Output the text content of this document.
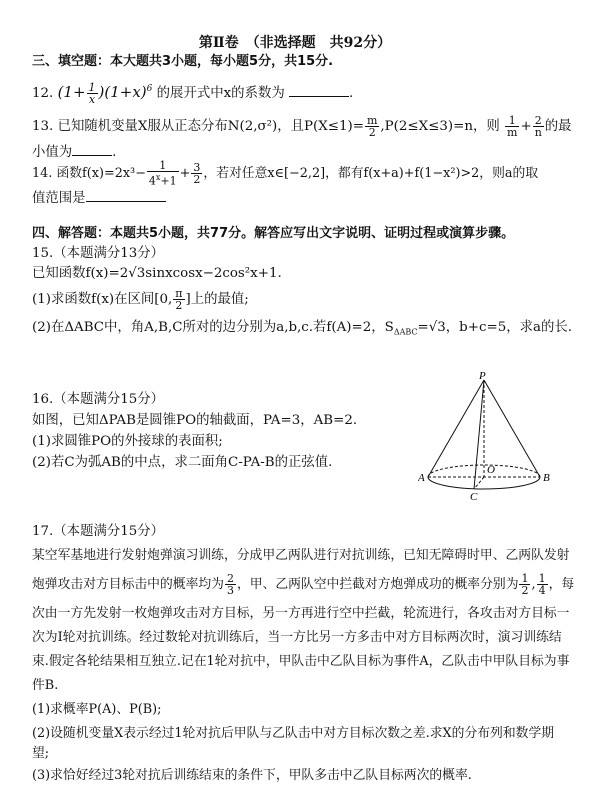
第Ⅱ卷　（非选择题　共92分）
三、填空题：本大题共3小题，每小题5分，共15分.
12. $(1+ \frac{1}{x} )(1+x)^6$ 的展开式中x的系数为	.
13. 已知随机变量X服从正态分布N(2,σ²)，且$P(X\le 1)= \frac{m}{2} ,P(2\le X\le 3)=n$，则 $\frac{1}{m} + \frac{2}{n}$ 的最
小值为	.
14. 函数$f(x)=2x^3- \frac{1}{4^x+1} + \frac{3}{2}$ ，若对任意x∈[−2,2]，都有f(x+a)+f(1−x²)>2，则a的取
值范围是
四、解答题：本题共5小题，共77分。解答应写出文字说明、证明过程或演算步骤。
15.（本题满分13分）
已知函数f(x)=2√3sinxcosx−2cos²x+1.
(1)求函数f(x)在区间[0, $\frac{\pi}{2}$ ]上的最值;
(2)在ΔABC中，角A,B,C所对的边分别为a,b,c.若f(A)=2，$S_{\Delta ABC}=√3$，b+c=5，求a的长.
16.（本题满分15分）
如图，已知ΔPAB是圆锥PO的轴截面，PA=3，AB=2.
(1)求圆锥PO的外接球的表面积;
(2)若C为弧AB的中点，求二面角C-PA-B的正弦值.
P
A	B
O
C
17.（本题满分15分）
某空军基地进行发射炮弹演习训练，分成甲乙两队进行对抗训练，已知无障碍时甲、乙两队发射
炮弹攻击对方目标击中的概率均为 $\frac{2}{3}$ ，甲、乙两队空中拦截对方炮弹成功的概率分别为 $\frac{1}{2}$ , $\frac{1}{4}$ ，每
次由一方先发射一枚炮弹攻击对方目标，另一方再进行空中拦截，轮流进行，各攻击对方目标一
次为Ⅰ轮对抗训练。经过数轮对抗训练后，当一方比另一方多击中对方目标两次时，演习训练结
束.假定各轮结果相互独立.记在1轮对抗中，甲队击中乙队目标为事件A，乙队击中甲队目标为事
件B.
(1)求概率P(A)、P(B);
(2)设随机变量X表示经过1轮对抗后甲队与乙队击中对方目标次数之差.求X的分布列和数学期
望;
(3)求恰好经过3轮对抗后训练结束的条件下，甲队多击中乙队目标两次的概率.
